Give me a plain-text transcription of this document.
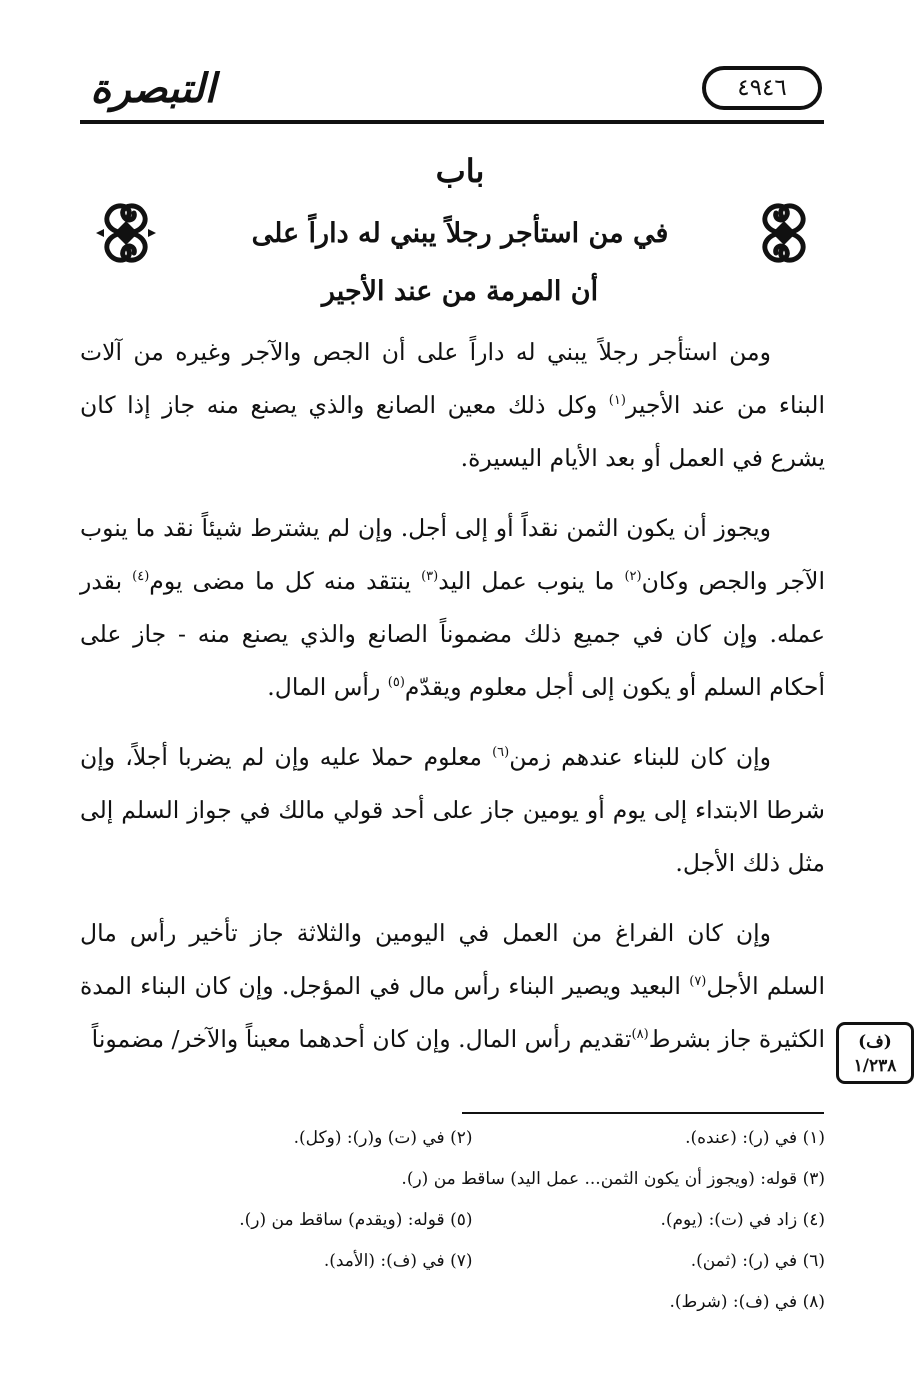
التبصرة	٤٩٤٦
باب
في من استأجر رجلاً يبني له داراً على
أن المرمة من عند الأجير

ومن استأجر رجلاً يبني له داراً على أن الجص والآجر وغيره من آلات البناء من عند الأجير$^{(١)}$ وكل ذلك معين الصانع والذي يصنع منه جاز إذا كان يشرع في العمل أو بعد الأيام اليسيرة.

ويجوز أن يكون الثمن نقداً أو إلى أجل. وإن لم يشترط شيئاً نقد ما ينوب الآجر والجص وكان$^{(٢)}$ ما ينوب عمل اليد$^{(٣)}$ ينتقد منه كل ما مضى يوم$^{(٤)}$ بقدر عمله. وإن كان في جميع ذلك مضموناً الصانع والذي يصنع منه - جاز على أحكام السلم أو يكون إلى أجل معلوم ويقدّم$^{(٥)}$ رأس المال.

وإن كان للبناء عندهم زمن$^{(٦)}$ معلوم حملا عليه وإن لم يضربا أجلاً، وإن شرطا الابتداء إلى يوم أو يومين جاز على أحد قولي مالك في جواز السلم إلى مثل ذلك الأجل.

وإن كان الفراغ من العمل في اليومين والثلاثة جاز تأخير رأس مال السلم الأجل$^{(٧)}$ البعيد ويصير البناء رأس مال في المؤجل. وإن كان البناء المدة الكثيرة جاز بشرط$^{(٨)}$تقديم رأس المال. وإن كان أحدهما معيناً والآخر/ مضموناً	(ف)
١/٢٣٨
(١) في (ر): (عنده).
(٢) في (ت) و(ر): (وكل).
(٣) قوله: (ويجوز أن يكون الثمن... عمل اليد) ساقط من (ر).
(٤) زاد في (ت): (يوم).
(٥) قوله: (ويقدم) ساقط من (ر).
(٦) في (ر): (ثمن).
(٧) في (ف): (الأمد).
(٨) في (ف): (شرط).
